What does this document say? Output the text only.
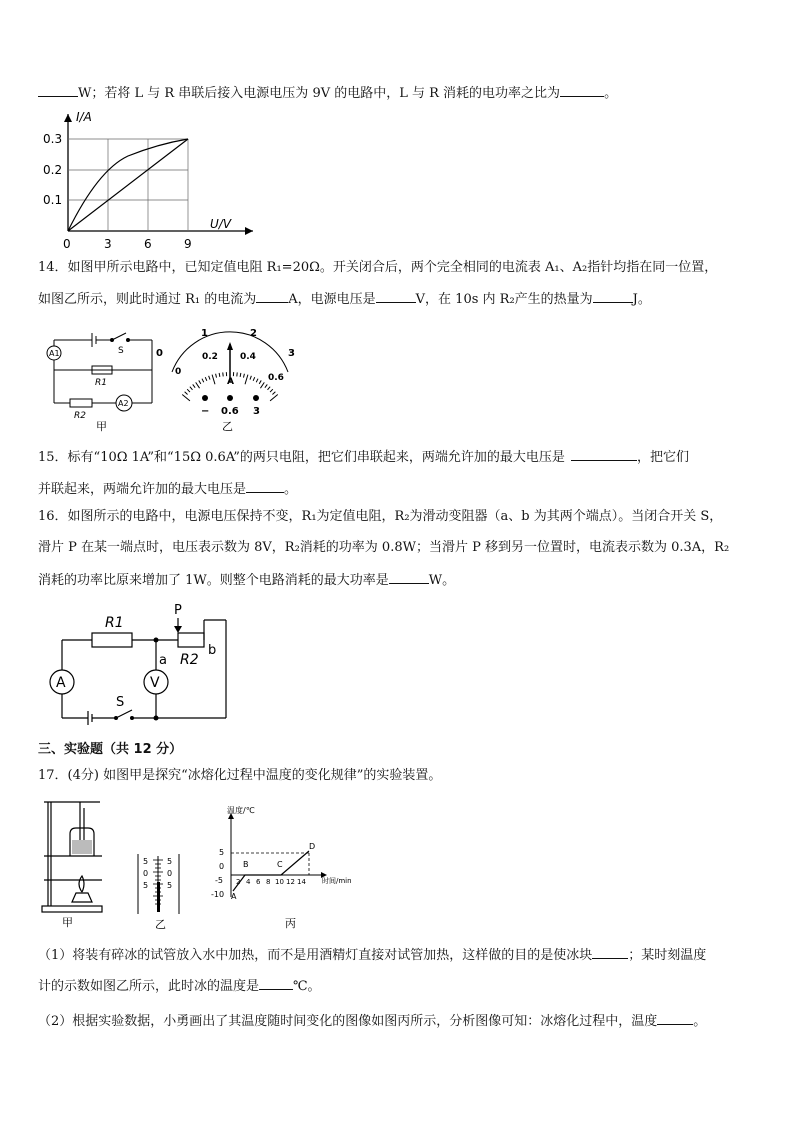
W；若将 L 与 R 串联后接入电源电压为 9V 的电路中，L 与 R 消耗的电功率之比为	。
I/A
U/V
0.3
0.2
0.1
0	3	6	9
14．如图甲所示电路中，已知定值电阻 R₁=20Ω。开关闭合后，两个完全相同的电流表 A₁、A₂指针均指在同一位置，
如图乙所示，则此时通过 R₁ 的电流为 A，电源电压是	V，在 10s 内 R₂产生的热量为	J。
A1
A2
S
R1
R2
甲
0
1	2
3
0
0.2 0.4
0.6
A
− 0.6 3
乙
15．标有“10Ω 1A”和“15Ω 0.6A”的两只电阻，把它们串联起来，两端允许加的最大电压是	，把它们
并联起来，两端允许加的最大电压是	。
16．如图所示的电路中，电源电压保持不变，R₁为定值电阻，R₂为滑动变阻器（a、b 为其两个端点）。当闭合开关 S，
滑片 P 在某一端点时，电压表示数为 8V，R₂消耗的功率为 0.8W；当滑片 P 移到另一位置时，电流表示数为 0.3A，R₂
消耗的功率比原来增加了 1W。则整个电路消耗的最大功率是	W。
R1
R2
P
a
b
A	V
S
三、实验题（共 12 分）
17．(4分) 如图甲是探究“冰熔化过程中温度的变化规律”的实验装置。
甲
5
0
5
5
0
5
乙
温度/℃
时间/min
5
0
-5
-10
2 4 6 8 10 12 14
A
B	C
D
丙
（1）将装有碎冰的试管放入水中加热，而不是用酒精灯直接对试管加热，这样做的目的是使冰块	；某时刻温度
计的示数如图乙所示，此时冰的温度是	℃。
（2）根据实验数据，小勇画出了其温度随时间变化的图像如图丙所示，分析图像可知：冰熔化过程中，温度	。
